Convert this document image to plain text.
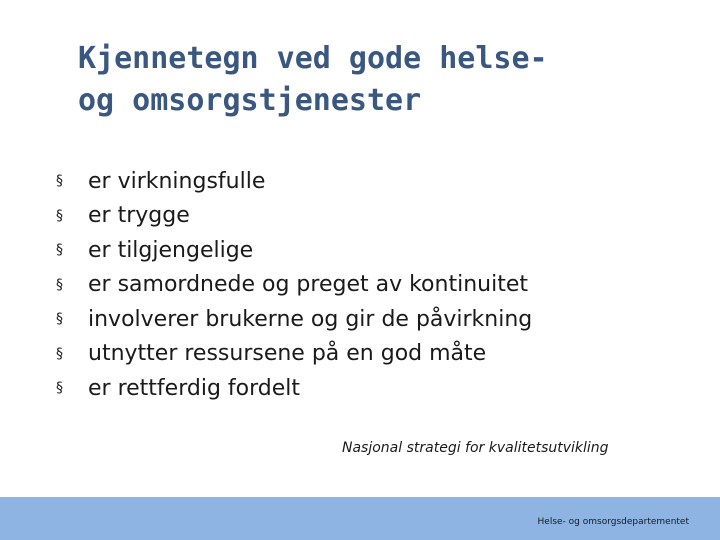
Kjennetegn ved gode helse-
og omsorgstjenester
§	er virkningsfulle
§	er trygge
§	er tilgjengelige
§	er samordnede og preget av kontinuitet
§	involverer brukerne og gir de påvirkning
§	utnytter ressursene på en god måte
§	er rettferdig fordelt
Nasjonal strategi for kvalitetsutvikling
Helse- og omsorgsdepartementet
